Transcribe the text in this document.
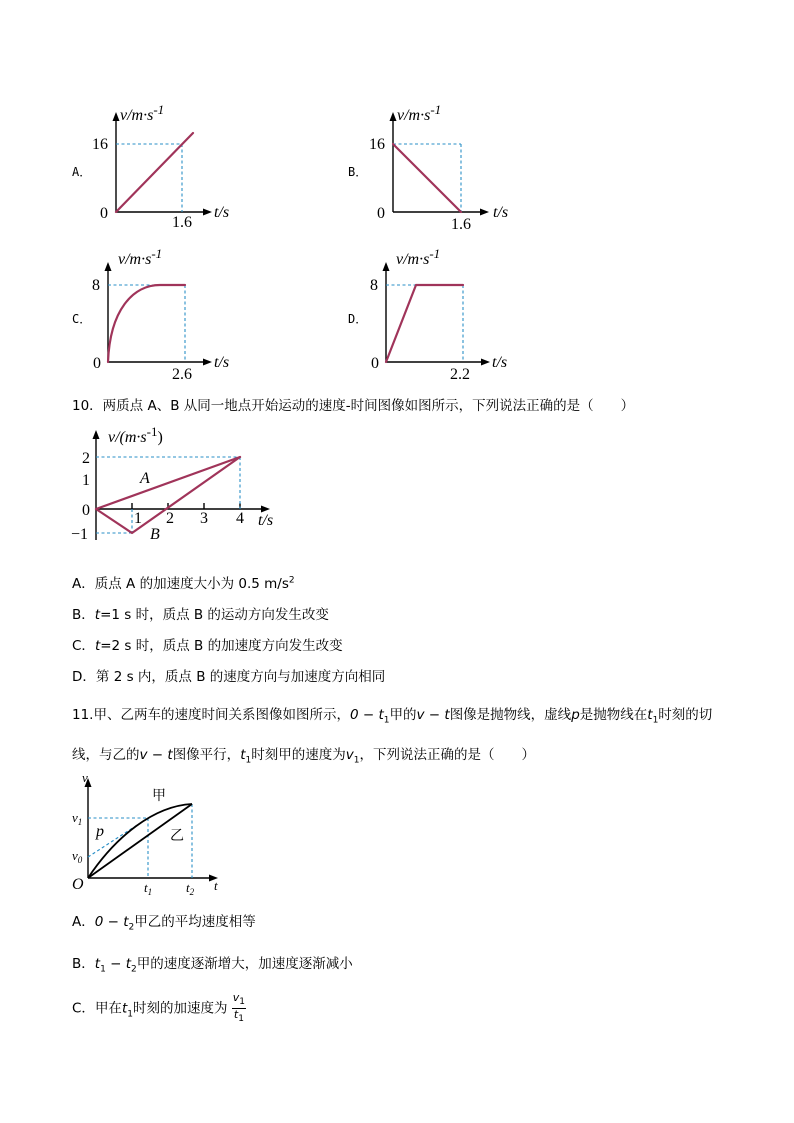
A．
$v/m\cdot s^{-1}$
16
0
1.6
t/s
B．
$v/m\cdot s^{-1}$
16
0
1.6
t/s
C．
$v/m\cdot s^{-1}$
8
0
2.6
t/s
D．
$v/m\cdot s^{-1}$
8
0
2.2
t/s
10．两质点 A、B 从同一地点开始运动的速度-时间图像如图所示，下列说法正确的是（　　）
$v/(m\cdot s^{-1})$
2
1
0
−1
1 2 3 4 t/s
A
B
A．质点 A 的加速度大小为 0.5 $m/s^2$
B．t=1 s 时，质点 B 的运动方向发生改变
C．t=2 s 时，质点 B 的加速度方向发生改变
D．第 2 s 内，质点 B 的速度方向与加速度方向相同
11.甲、乙两车的速度时间关系图像如图所示，$0 - t_1$甲的v − t图像是抛物线，虚线p是抛物线在$t_1$时刻的切
线，与乙的v − t图像平行，$t_1$时刻甲的速度为$v_1$，下列说法正确的是（　　）
v
O	t
$v_1$
$v_0$
$t_1$	$t_2$
p
甲
乙
A．$0 - t_2$甲乙的平均速度相等
B．$t_1 - t_2$甲的速度逐渐增大，加速度逐渐减小
C．甲在$t_1$时刻的加速度为 $\frac{v_1}{t_1}$
